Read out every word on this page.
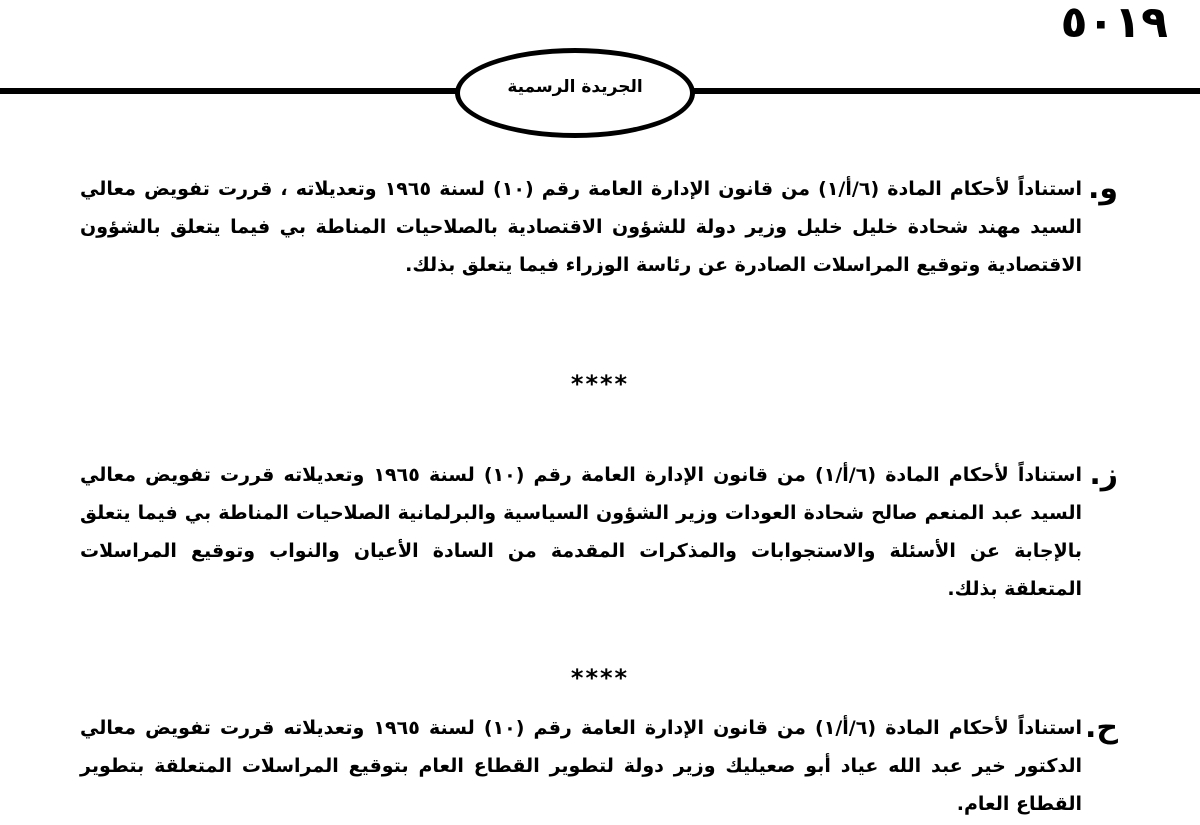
٥٠١٩
الجريدة الرسمية
و.
استناداً لأحكام المادة (٦/أ/١) من قانون الإدارة العامة رقم (١٠) لسنة ١٩٦٥ وتعديلاته ، قررت تفويض معالي السيد مهند شحادة خليل خليل وزير دولة للشؤون الاقتصادية بالصلاحيات المناطة بي فيما يتعلق بالشؤون الاقتصادية وتوقيع المراسلات الصادرة عن رئاسة الوزراء فيما يتعلق بذلك.
****
ز.
استناداً لأحكام المادة (٦/أ/١) من قانون الإدارة العامة رقم (١٠) لسنة ١٩٦٥ وتعديلاته قررت تفويض معالي السيد عبد المنعم صالح شحادة العودات وزير الشؤون السياسية والبرلمانية الصلاحيات المناطة بي فيما يتعلق بالإجابة عن الأسئلة والاستجوابات والمذكرات المقدمة من السادة الأعيان والنواب وتوقيع المراسلات المتعلقة بذلك.
****
ح.
استناداً لأحكام المادة (٦/أ/١) من قانون الإدارة العامة رقم (١٠) لسنة ١٩٦٥ وتعديلاته قررت تفويض معالي الدكتور خير عبد الله عياد أبو صعيليك وزير دولة لتطوير القطاع العام بتوقيع المراسلات المتعلقة بتطوير القطاع العام.
